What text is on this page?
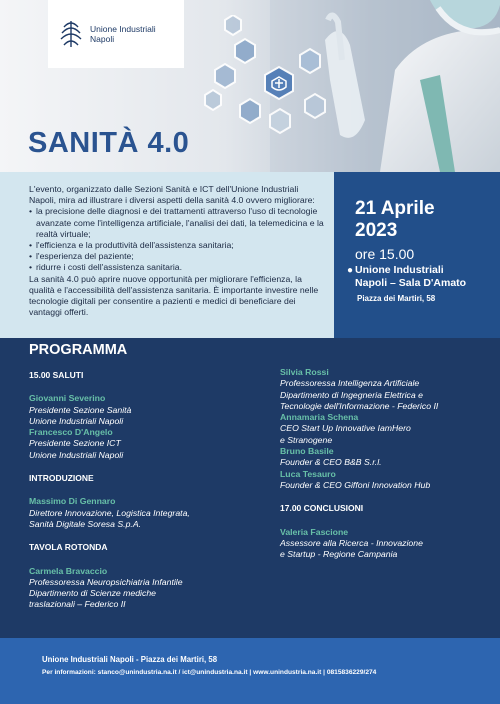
Unione Industriali
Napoli
SANITÀ 4.0
L'evento, organizzato dalle Sezioni Sanità e ICT dell'Unione Industriali Napoli, mira ad illustrare i diversi aspetti della sanità 4.0 ovvero migliorare:
• la precisione delle diagnosi e dei trattamenti attraverso l'uso di tecnologie avanzate come l'intelligenza artificiale, l'analisi dei dati, la telemedicina e la realtà virtuale;
• l'efficienza e la produttività dell'assistenza sanitaria;
• l'esperienza del paziente;
• ridurre i costi dell'assistenza sanitaria.
La sanità 4.0 può aprire nuove opportunità per migliorare l'efficienza, la qualità e l'accessibilità dell'assistenza sanitaria. È importante investire nelle tecnologie digitali per consentire a pazienti e medici di beneficiare dei vantaggi offerti.
21 Aprile
2023
ore 15.00
● Unione Industriali
Napoli – Sala D'Amato
Piazza dei Martiri, 58
PROGRAMMA
15.00 SALUTI
Giovanni Severino
Presidente Sezione Sanità
Unione Industriali Napoli
Francesco D'Angelo
Presidente Sezione ICT
Unione Industriali Napoli
INTRODUZIONE
Massimo Di Gennaro
Direttore Innovazione, Logistica Integrata,
Sanità Digitale Soresa S.p.A.
TAVOLA ROTONDA
Carmela Bravaccio
Professoressa Neuropsichiatria Infantile
Dipartimento di Scienze mediche
traslazionali – Federico II
Silvia Rossi
Professoressa Intelligenza Artificiale
Dipartimento di Ingegneria Elettrica e
Tecnologie dell'Informazione - Federico II
Annamaria Schena
CEO Start Up Innovative IamHero
e Stranogene
Bruno Basile
Founder & CEO B&B S.r.l.
Luca Tesauro
Founder & CEO Giffoni Innovation Hub
17.00 CONCLUSIONI
Valeria Fascione
Assessore alla Ricerca - Innovazione
e Startup - Regione Campania
Unione Industriali Napoli - Piazza dei Martiri, 58
Per informazioni: stanco@unindustria.na.it / ict@unindustria.na.it | www.unindustria.na.it | 0815836229/274
